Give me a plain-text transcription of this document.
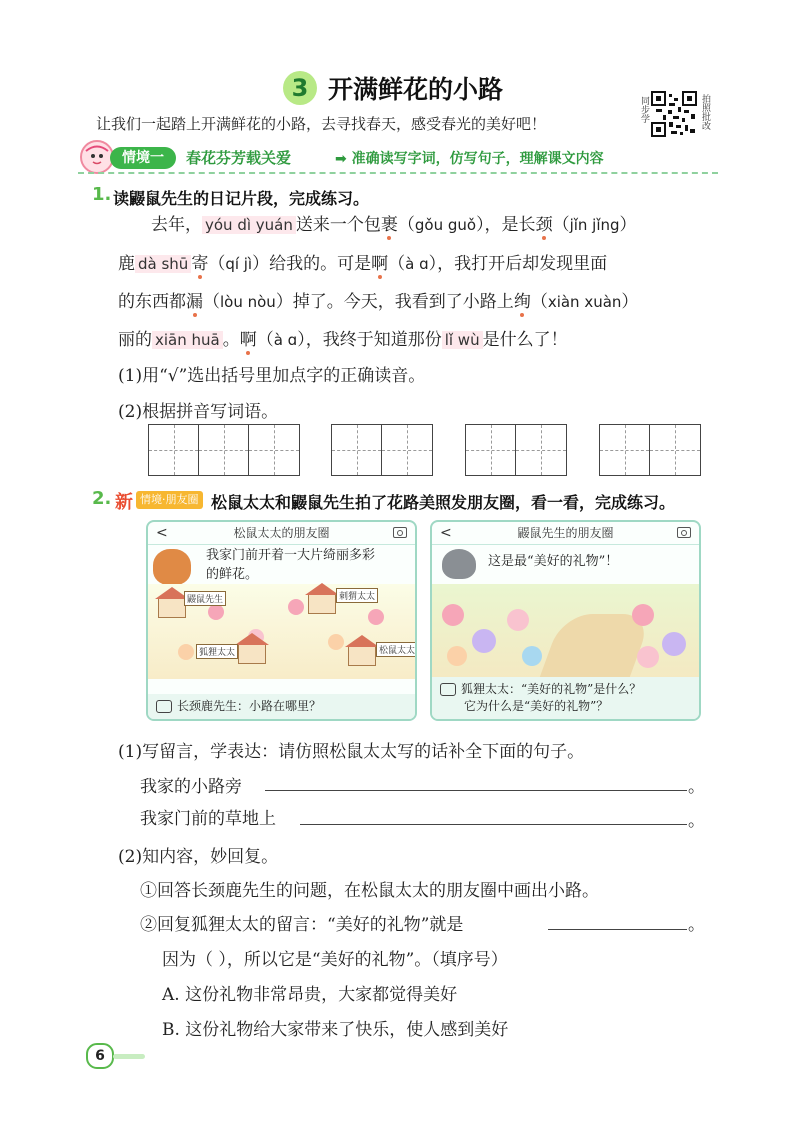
3 开满鲜花的小路
让我们一起踏上开满鲜花的小路，去寻找春天，感受春光的美好吧！
同步学	拍照批改
情境一	春花芬芳载关爱	➡ 准确读写字词，仿写句子，理解课文内容
1. 读鼹鼠先生的日记片段，完成练习。
去年， yóu dì yuán 送来一个包裹（gǒu guǒ），是长颈（jǐn jǐng）
鹿 dà shū 寄（qí jì）给我的。可是啊（à ɑ），我打开后却发现里面
的东西都漏（lòu nòu）掉了。今天，我看到了小路上绚（xiàn xuàn）
丽的 xiān huā 。啊（à ɑ），我终于知道那份 lǐ wù 是什么了！
(1)用“√”选出括号里加点字的正确读音。
(2)根据拼音写词语。
2. 新 情境·朋友圈 松鼠太太和鼹鼠先生拍了花路美照发朋友圈，看一看，完成练习。
<	松鼠太太的朋友圈
我家门前开着一大片绮丽多彩
的鲜花。
鼹鼠先生	刺猬太太
狐狸太太	松鼠太太
长颈鹿先生：小路在哪里？
<	鼹鼠先生的朋友圈
这是最“美好的礼物”！
狐狸太太：“美好的礼物”是什么？
它为什么是“美好的礼物”？
(1)写留言，学表达：请仿照松鼠太太写的话补全下面的句子。
我家的小路旁	。
我家门前的草地上	。
(2)知内容，妙回复。
①回答长颈鹿先生的问题，在松鼠太太的朋友圈中画出小路。
②回复狐狸太太的留言：“美好的礼物”就是	。
因为（ ），所以它是“美好的礼物”。（填序号）
A. 这份礼物非常昂贵，大家都觉得美好
B. 这份礼物给大家带来了快乐，使人感到美好
6
